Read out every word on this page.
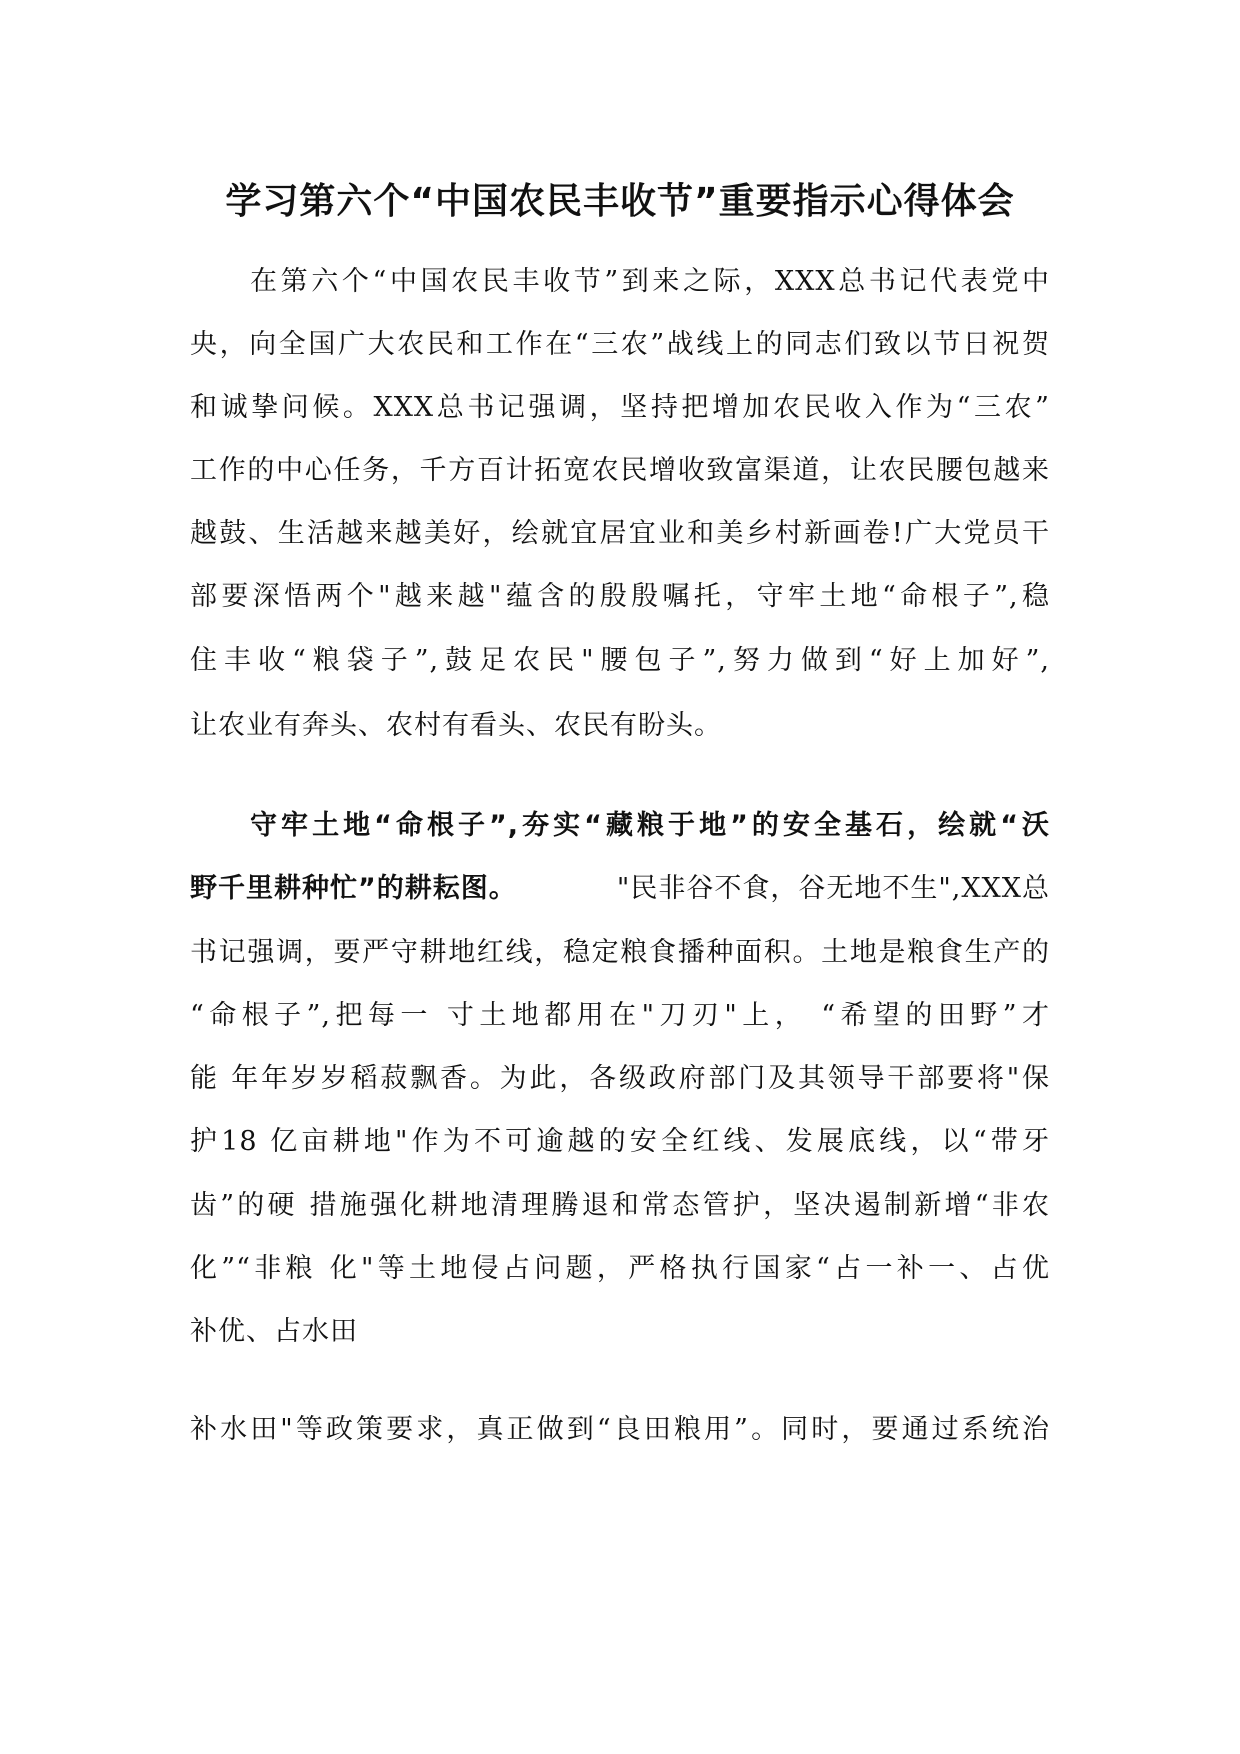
学习第六个“中国农民丰收节”重要指示心得体会
在第六个“中国农民丰收节”到来之际，XXX总书记代表党中
央，向全国广大农民和工作在“三农”战线上的同志们致以节日祝贺
和诚挚问候。XXX总书记强调，坚持把增加农民收入作为“三农”
工作的中心任务，千方百计拓宽农民增收致富渠道，让农民腰包越来
越鼓、生活越来越美好，绘就宜居宜业和美乡村新画卷!广大党员干
部要深悟两个"越来越"蕴含的殷殷嘱托，守牢土地“命根子”,稳
住丰收“粮袋子”,鼓足农民"腰包子”,努力做到“好上加好”,
让农业有奔头、农村有看头、农民有盼头。
守牢土地“命根子”,夯实“藏粮于地”的安全基石，绘就“沃
野千里耕种忙”的耕耘图。	"民非谷不食，谷无地不生",XXX总
书记强调，要严守耕地红线，稳定粮食播种面积。土地是粮食生产的
“命根子”,把每一 寸土地都用在"刀刃"上， “希望的田野”才
能 年年岁岁稻菽飘香。为此，各级政府部门及其领导干部要将"保
护18 亿亩耕地"作为不可逾越的安全红线、发展底线，以“带牙
齿”的硬 措施强化耕地清理腾退和常态管护，坚决遏制新增“非农
化”“非粮 化"等土地侵占问题，严格执行国家“占一补一、占优
补优、占水田
补水田"等政策要求，真正做到“良田粮用”。同时，要通过系统治
